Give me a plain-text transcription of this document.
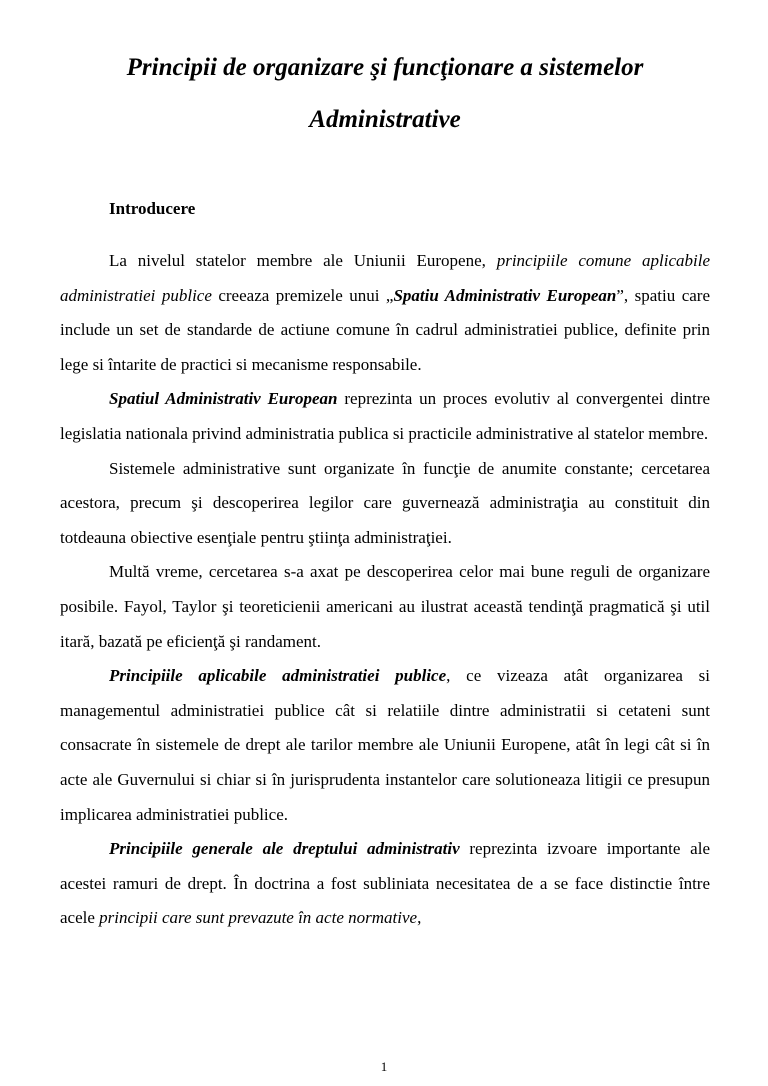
Principii de organizare şi funcţionare a sistemelor
Administrative
Introducere

La nivelul statelor membre ale Uniunii Europene, principiile comune aplicabile administratiei publice creeaza premizele unui „Spatiu Administrativ European”, spatiu care include un set de standarde de actiune comune în cadrul administratiei publice, definite prin lege si întarite de practici si mecanisme responsabile.

Spatiul Administrativ European reprezinta un proces evolutiv al convergentei dintre legislatia nationala privind administratia publica si practicile administrative al statelor membre.

Sistemele administrative sunt organizate în funcţie de anumite constante; cercetarea acestora, precum şi descoperirea legilor care guvernează administraţia au constituit din totdeauna obiective esenţiale pentru ştiinţa administraţiei.

Multă vreme, cercetarea s-a axat pe descoperirea celor mai bune reguli de organizare posibile. Fayol, Taylor şi teoreticienii americani au ilustrat această tendinţă pragmatică şi util itară, bazată pe eficienţă şi randament.

Principiile aplicabile administratiei publice, ce vizeaza atât organizarea si managementul administratiei publice cât si relatiile dintre administratii si cetateni sunt consacrate în sistemele de drept ale tarilor membre ale Uniunii Europene, atât în legi cât si în acte ale Guvernului si chiar si în jurisprudenta instantelor care solutioneaza litigii ce presupun implicarea administratiei publice.

Principiile generale ale dreptului administrativ reprezinta izvoare importante ale acestei ramuri de drept. În doctrina a fost subliniata necesitatea de a se face distinctie între acele principii care sunt prevazute în acte normative,

1
